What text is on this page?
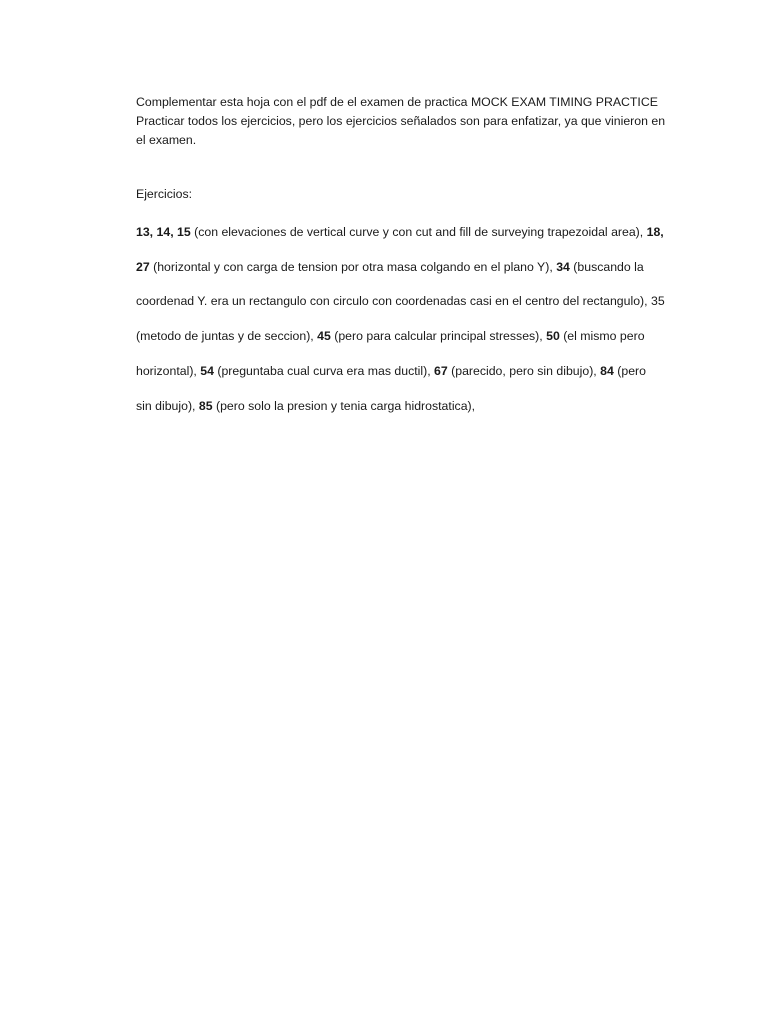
Complementar esta hoja con el pdf de el examen de practica MOCK EXAM TIMING PRACTICE
Practicar todos los ejercicios, pero los ejercicios señalados son para enfatizar, ya que vinieron en
el examen.

Ejercicios:

13, 14, 15 (con elevaciones de vertical curve y con cut and fill de surveying trapezoidal area), 18,
27 (horizontal y con carga de tension por otra masa colgando en el plano Y), 34 (buscando la
coordenad Y. era un rectangulo con circulo con coordenadas casi en el centro del rectangulo), 35
(metodo de juntas y de seccion), 45 (pero para calcular principal stresses), 50 (el mismo pero
horizontal), 54 (preguntaba cual curva era mas ductil), 67 (parecido, pero sin dibujo), 84 (pero
sin dibujo), 85 (pero solo la presion y tenia carga hidrostatica),
